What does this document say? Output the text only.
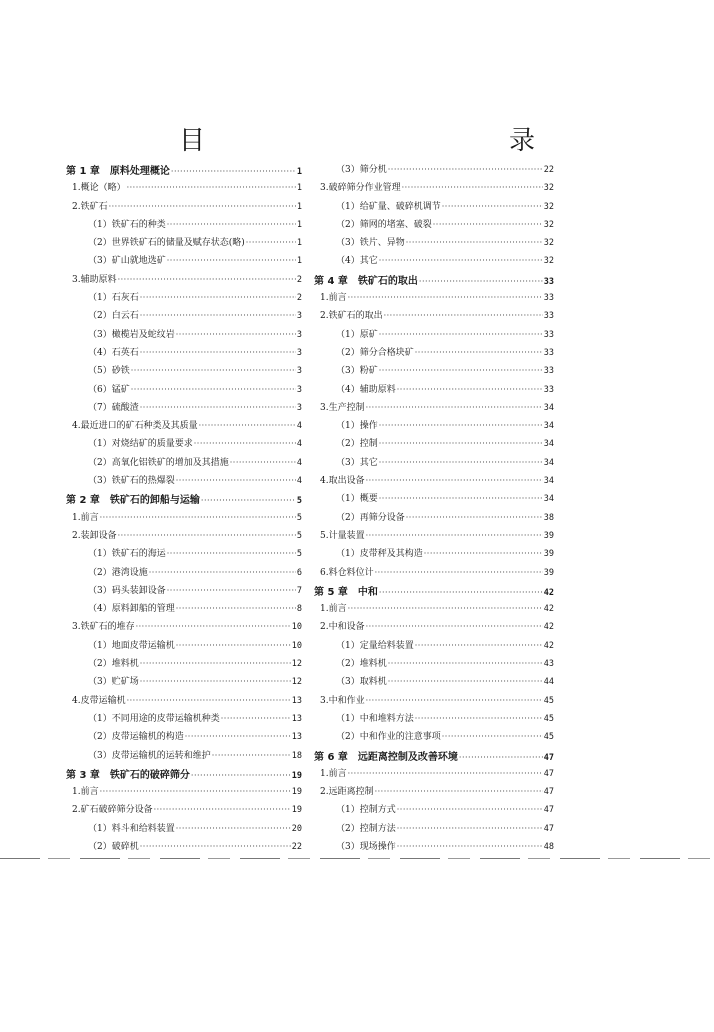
目　　录
第 1 章　原料处理概论 ·····	1
1.概论（略） ·····	1
2.铁矿石 ·····	1
（1）铁矿石的种类 ·····	1
（2）世界铁矿石的储量及赋存状态(略) ·····	1
（3）矿山就地选矿 ·····	1
3.辅助原料 ·····	2
（1）石灰石 ·····	2
（2）白云石 ·····	3
（3）橄榄岩及蛇纹岩 ·····	3
（4）石英石 ·····	3
（5）砂铁 ·····	3
（6）锰矿 ·····	3
（7）硫酸渣 ·····	3
4.最近进口的矿石种类及其质量 ·····	4
（1）对烧结矿的质量要求 ·····	4
（2）高氧化铝铁矿的增加及其措施 ·····	4
（3）铁矿石的热爆裂 ·····	4
第 2 章　铁矿石的卸船与运输 ·····	5
1.前言 ·····	5
2.装卸设备 ·····	5
（1）铁矿石的海运 ·····	5
（2）港湾设施 ·····	6
（3）码头装卸设备 ·····	7
（4）原料卸船的管理 ·····	8
3.铁矿石的堆存 ·····	10
（1）地面皮带运输机 ·····	10
（2）堆料机 ·····	12
（3）贮矿场 ·····	12
4.皮带运输机 ·····	13
（1）不同用途的皮带运输机种类 ·····	13
（2）皮带运输机的构造 ·····	13
（3）皮带运输机的运转和维护 ·····	18
第 3 章　铁矿石的破碎筛分 ·····	19
1.前言 ·····	19
2.矿石破碎筛分设备 ·····	19
（1）料斗和给料装置 ·····	20
（2）破碎机 ·····	22
（3）筛分机 ·····	22
3.破碎筛分作业管理 ·····	32
（1）给矿量、破碎机调节 ·····	32
（2）筛网的堵塞、破裂 ·····	32
（3）铁片、异物 ·····	32
（4）其它 ·····	32
第 4 章　铁矿石的取出 ·····	33
1.前言 ·····	33
2.铁矿石的取出 ·····	33
（1）原矿 ·····	33
（2）筛分合格块矿 ·····	33
（3）粉矿 ·····	33
（4）辅助原料 ·····	33
3.生产控制 ·····	34
（1）操作 ·····	34
（2）控制 ·····	34
（3）其它 ·····	34
4.取出设备 ·····	34
（1）概要 ·····	34
（2）再筛分设备 ·····	38
5.计量装置 ·····	39
（1）皮带秤及其构造 ·····	39
6.料仓料位计 ·····	39
第 5 章　中和 ·····	42
1.前言 ·····	42
2.中和设备 ·····	42
（1）定量给料装置 ·····	42
（2）堆料机 ·····	43
（3）取料机 ·····	44
3.中和作业 ·····	45
（1）中和堆料方法 ·····	45
（2）中和作业的注意事项 ·····	45
第 6 章　远距离控制及改善环境 ·····	47
1.前言 ·····	47
2.远距离控制 ·····	47
（1）控制方式 ·····	47
（2）控制方法 ·····	47
（3）现场操作 ·····	48
